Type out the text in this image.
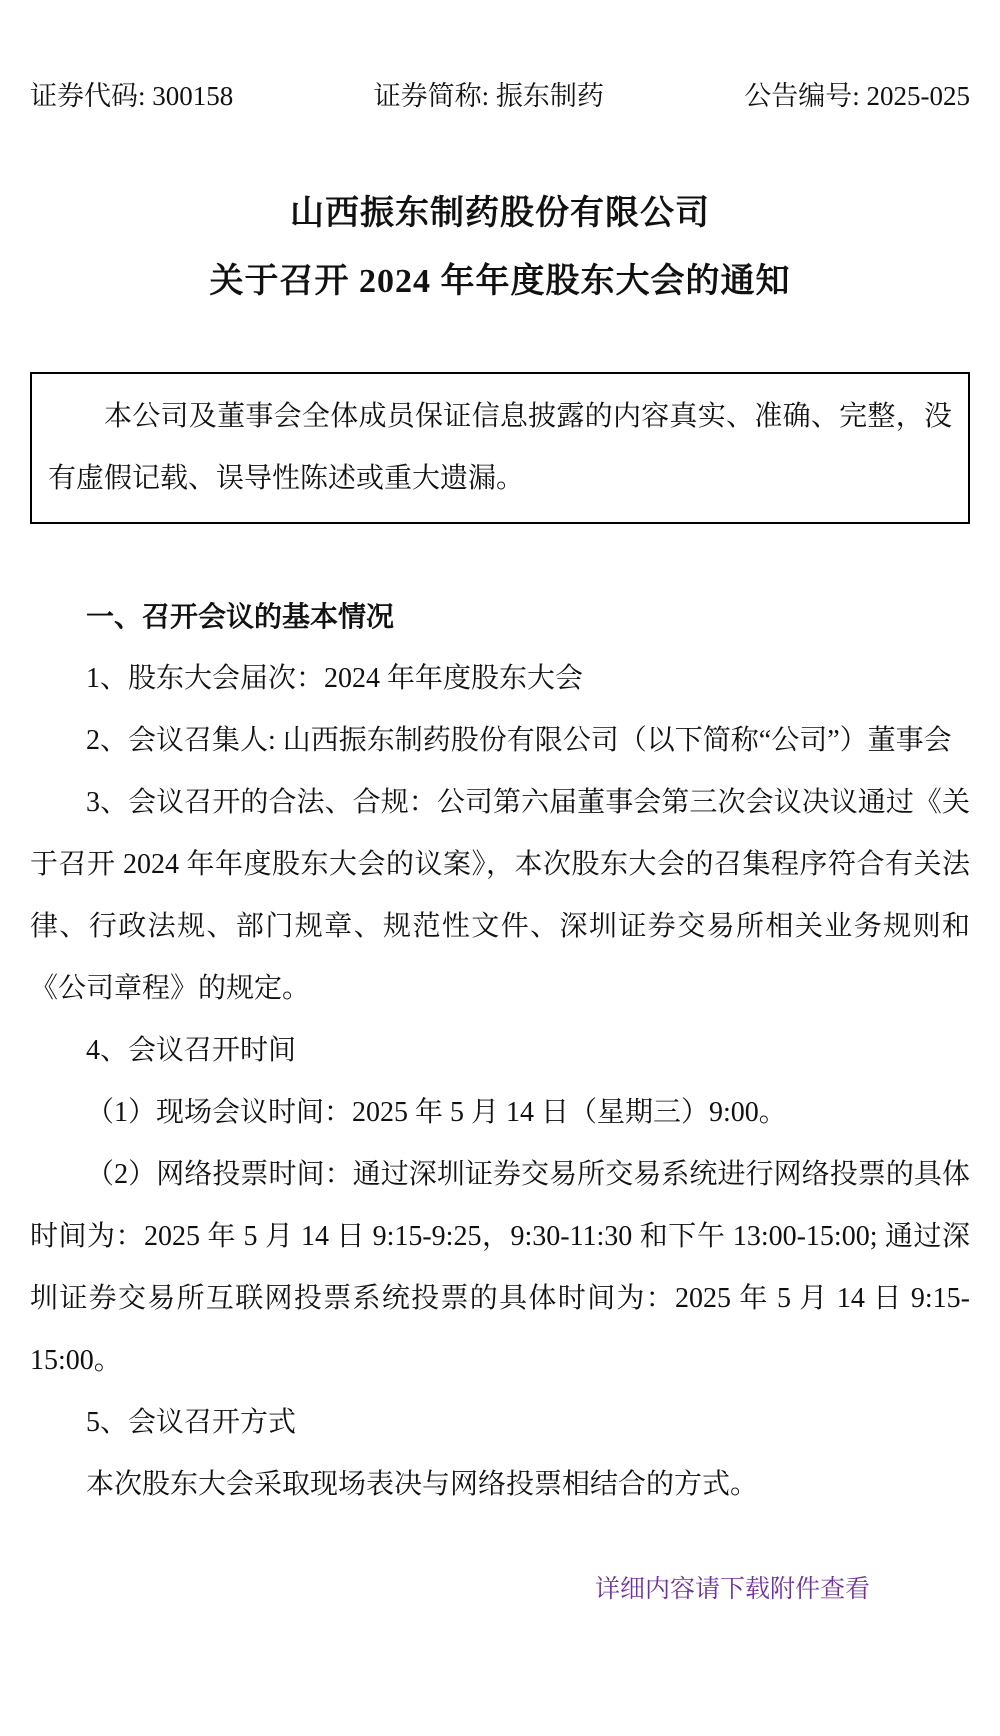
证券代码: 300158	证券简称: 振东制药	公告编号: 2025-025
山西振东制药股份有限公司
关于召开 2024 年年度股东大会的通知

本公司及董事会全体成员保证信息披露的内容真实、准确、完整，没有虚假记载、误导性陈述或重大遗漏。

一、召开会议的基本情况

1、股东大会届次：2024 年年度股东大会

2、会议召集人: 山西振东制药股份有限公司（以下简称“公司”）董事会

3、会议召开的合法、合规：公司第六届董事会第三次会议决议通过《关于召开 2024 年年度股东大会的议案》，本次股东大会的召集程序符合有关法律、行政法规、部门规章、规范性文件、深圳证券交易所相关业务规则和《公司章程》的规定。

4、会议召开时间

（1）现场会议时间：2025 年 5 月 14 日（星期三）9:00。

（2）网络投票时间：通过深圳证券交易所交易系统进行网络投票的具体时间为：2025 年 5 月 14 日 9:15-9:25，9:30-11:30 和下午 13:00-15:00; 通过深圳证券交易所互联网投票系统投票的具体时间为：2025 年 5 月 14 日 9:15-15:00。

5、会议召开方式

本次股东大会采取现场表决与网络投票相结合的方式。

详细内容请下载附件查看
